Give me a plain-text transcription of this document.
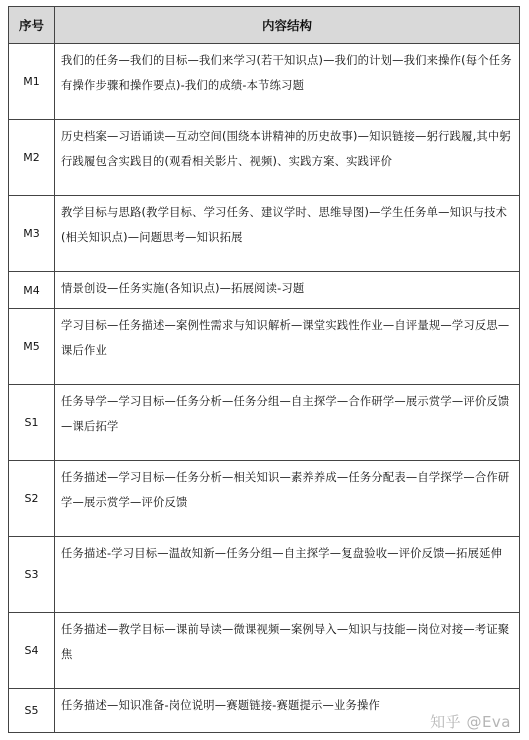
序号	内容结构
M1	我们的任务—我们的目标—我们来学习(若干知识点)—我们的计划—我们来操作(每个任务有操作步骤和操作要点)-我们的成绩-本节练习题
M2	历史档案—习语诵读—互动空间(围绕本讲精神的历史故事)—知识链接—躬行践履,其中躬行践履包含实践目的(观看相关影片、视频)、实践方案、实践评价
M3	教学目标与思路(教学目标、学习任务、建议学时、思维导图)—学生任务单—知识与技术(相关知识点)—问题思考—知识拓展
M4	情景创设—任务实施(各知识点)—拓展阅读-习题
M5	学习目标—任务描述—案例性需求与知识解析—课堂实践性作业—自评量规—学习反思—课后作业
S1	任务导学—学习目标—任务分析—任务分组—自主探学—合作研学—展示赏学—评价反馈—课后拓学
S2	任务描述—学习目标—任务分析—相关知识—素养养成—任务分配表—自学探学—合作研学—展示赏学—评价反馈
S3	任务描述-学习目标—温故知新—任务分组—自主探学—复盘验收—评价反馈—拓展延伸
S4	任务描述—教学目标—课前导读—微课视频—案例导入—知识与技能—岗位对接—考证聚焦
S5	任务描述—知识准备-岗位说明—赛题链接-赛题提示—业务操作
知乎 @Eva
